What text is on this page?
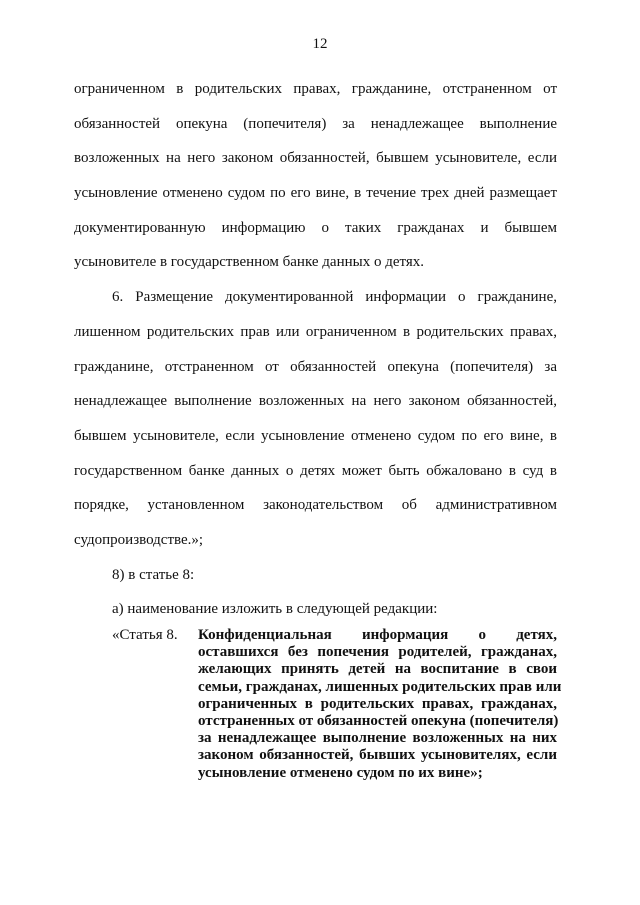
12
ограниченном в родительских правах, гражданине, отстраненном от
обязанностей опекуна (попечителя) за ненадлежащее выполнение
возложенных на него законом обязанностей, бывшем усыновителе, если
усыновление отменено судом по его вине, в течение трех дней размещает
документированную информацию о таких гражданах и бывшем
усыновителе в государственном банке данных о детях.
6. Размещение документированной информации о гражданине,
лишенном родительских прав или ограниченном в родительских правах,
гражданине, отстраненном от обязанностей опекуна (попечителя) за
ненадлежащее выполнение возложенных на него законом обязанностей,
бывшем усыновителе, если усыновление отменено судом по его вине, в
государственном банке данных о детях может быть обжаловано в суд в
порядке, установленном законодательством об административном
судопроизводстве.»;
8) в статье 8:
а) наименование изложить в следующей редакции:
«Статья 8. Конфиденциальная информация о детях,
оставшихся без попечения родителей, гражданах,
желающих принять детей на воспитание в свои
семьи, гражданах, лишенных родительских прав или
ограниченных в родительских правах, гражданах,
отстраненных от обязанностей опекуна (попечителя)
за ненадлежащее выполнение возложенных на них
законом обязанностей, бывших усыновителях, если
усыновление отменено судом по их вине»;
